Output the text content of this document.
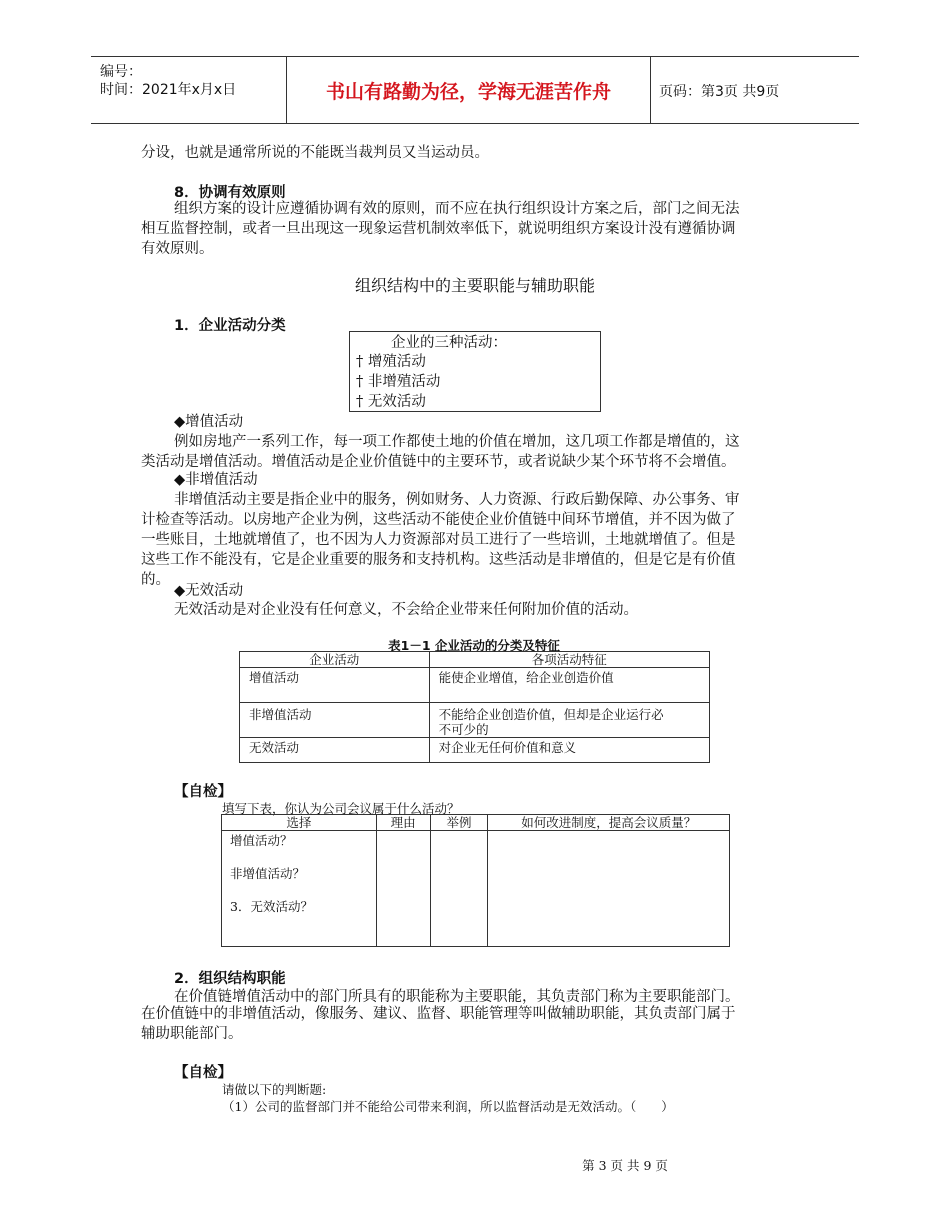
编号：
时间：2021年x月x日	书山有路勤为径，学海无涯苦作舟	页码：第3页 共9页
分设，也就是通常所说的不能既当裁判员又当运动员。
8．协调有效原则
组织方案的设计应遵循协调有效的原则，而不应在执行组织设计方案之后，部门之间无法
相互监督控制，或者一旦出现这一现象运营机制效率低下，就说明组织方案设计没有遵循协调
有效原则。
组织结构中的主要职能与辅助职能
1．企业活动分类
企业的三种活动：
† 增殖活动
† 非增殖活动
† 无效活动
◆增值活动
例如房地产一系列工作，每一项工作都使土地的价值在增加，这几项工作都是增值的，这
类活动是增值活动。增值活动是企业价值链中的主要环节，或者说缺少某个环节将不会增值。
◆非增值活动
非增值活动主要是指企业中的服务，例如财务、人力资源、行政后勤保障、办公事务、审
计检查等活动。以房地产企业为例，这些活动不能使企业价值链中间环节增值，并不因为做了
一些账目，土地就增值了，也不因为人力资源部对员工进行了一些培训，土地就增值了。但是
这些工作不能没有，它是企业重要的服务和支持机构。这些活动是非增值的，但是它是有价值
的。
◆无效活动
无效活动是对企业没有任何意义，不会给企业带来任何附加价值的活动。
表1－1 企业活动的分类及特征
企业活动	各项活动特征
增值活动	能使企业增值，给企业创造价值
非增值活动	不能给企业创造价值，但却是企业运行必
不可少的

无效活动	对企业无任何价值和意义
【自检】
填写下表，你认为公司会议属于什么活动？
选择	理由	举例	如何改进制度，提高会议质量？

增值活动？
非增值活动？
3．无效活动？			

2．组织结构职能
在价值链增值活动中的部门所具有的职能称为主要职能，其负责部门称为主要职能部门。
在价值链中的非增值活动，像服务、建议、监督、职能管理等叫做辅助职能，其负责部门属于
辅助职能部门。
【自检】
请做以下的判断题:
（1）公司的监督部门并不能给公司带来利润，所以监督活动是无效活动。（　　）
第 3 页 共 9 页
